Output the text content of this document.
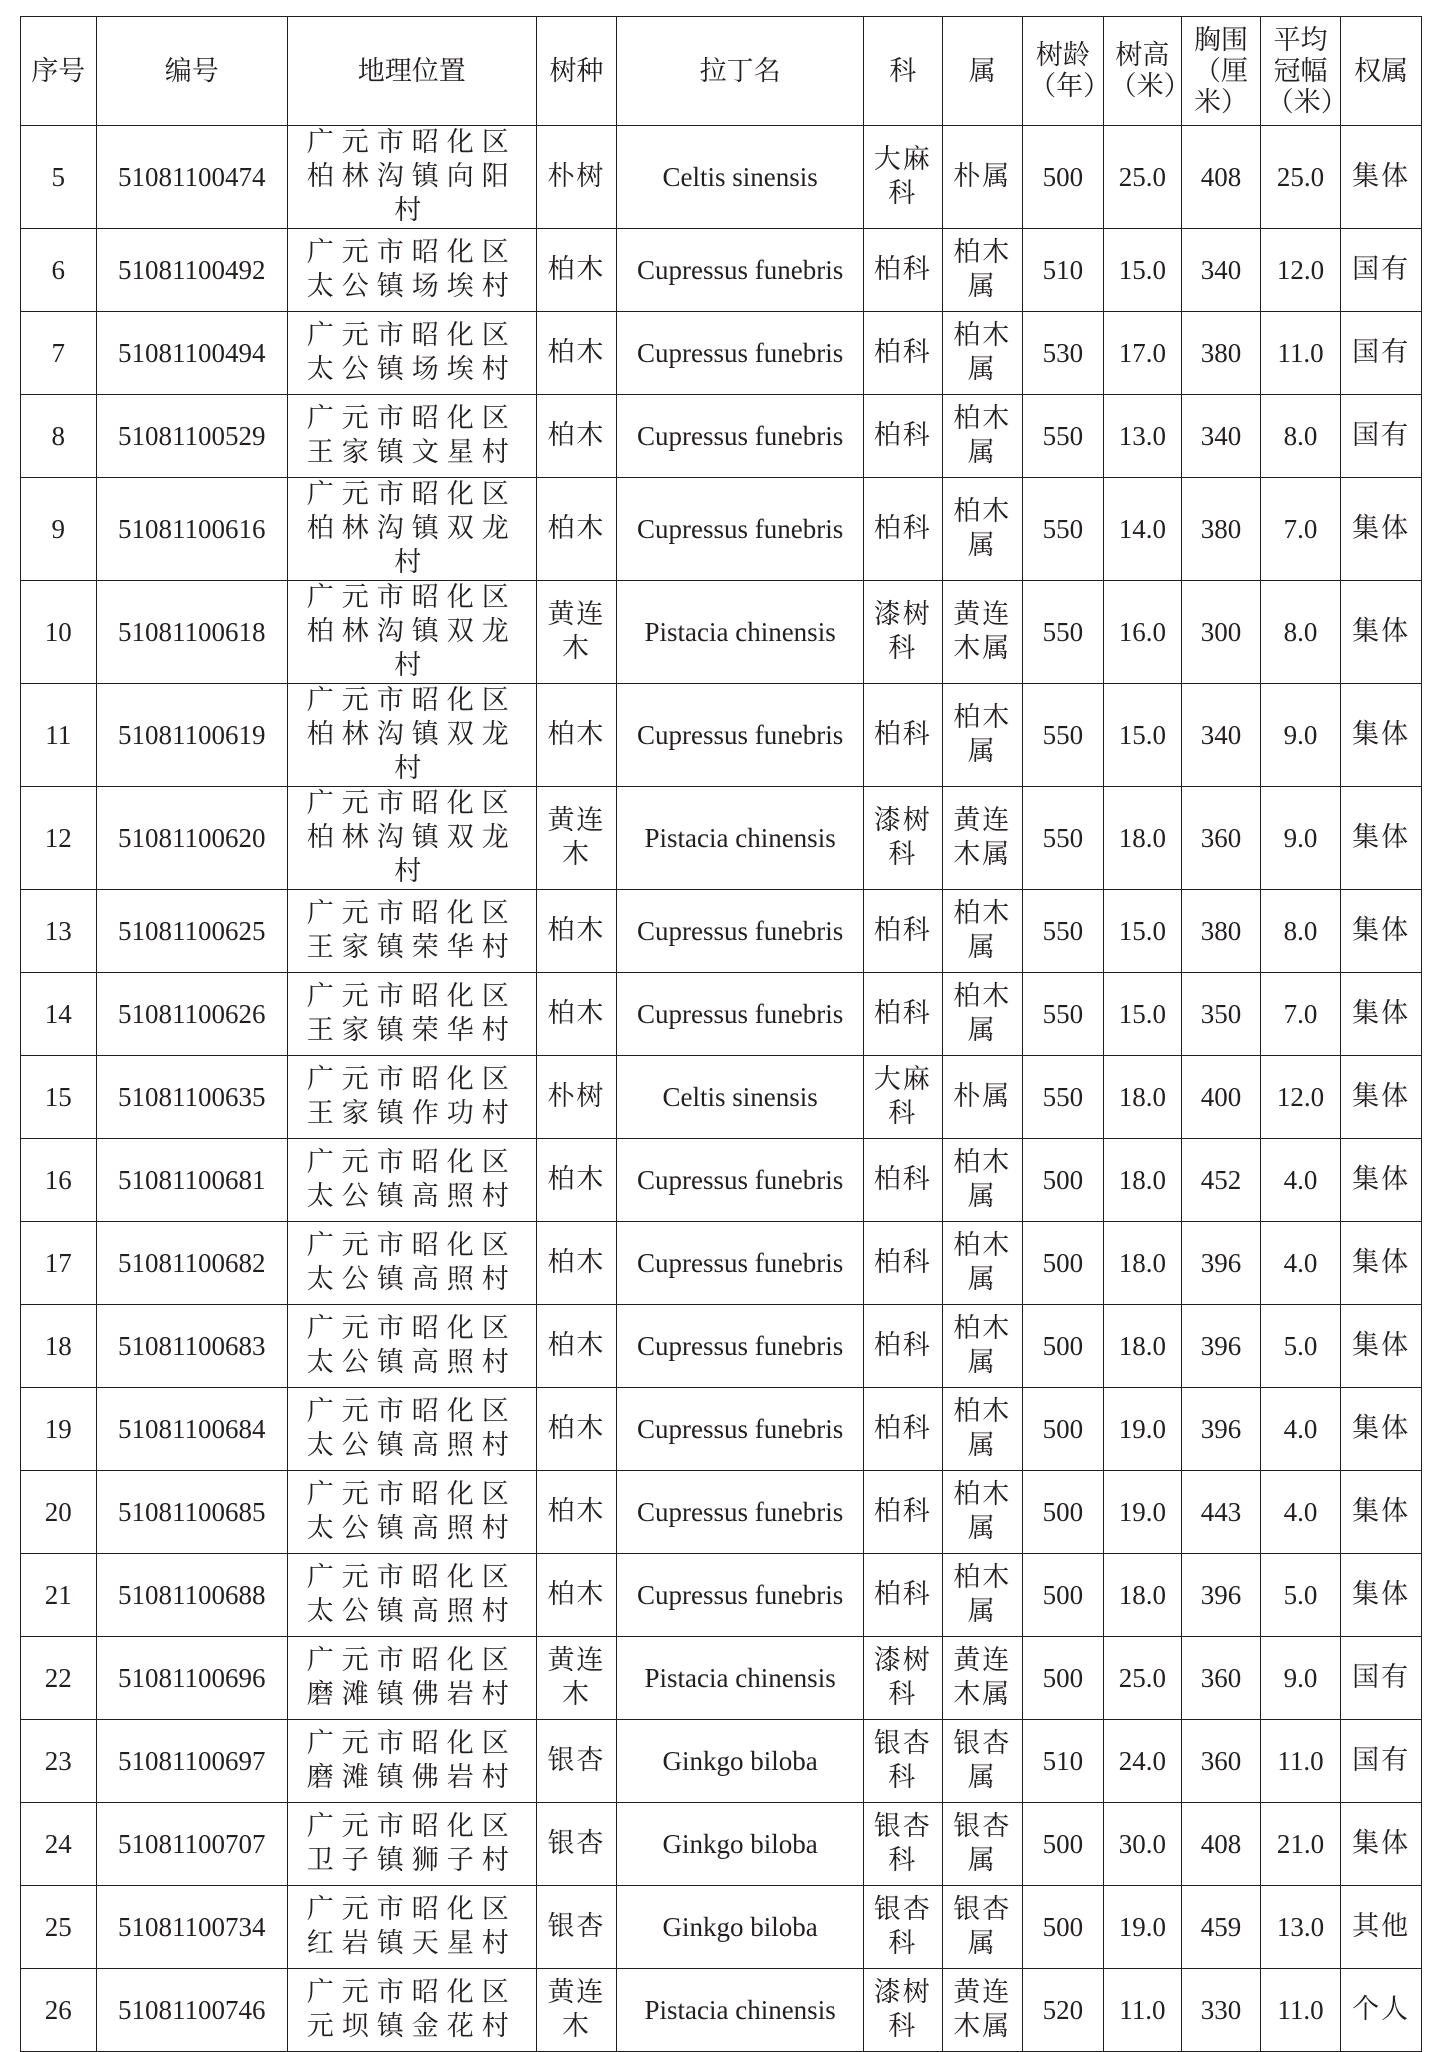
序号	编号	地理位置	树种	拉丁名	科	属	树龄（年）	树高（米）	胸围（厘米）	平均冠幅（米）	权属
5	51081100474	广元市昭化区柏林沟镇向阳村	朴树	Celtis sinensis	大麻科	朴属	500	25.0	408	25.0	集体
6	51081100492	广元市昭化区太公镇场埃村	柏木	Cupressus funebris	柏科	柏木属	510	15.0	340	12.0	国有
7	51081100494	广元市昭化区太公镇场埃村	柏木	Cupressus funebris	柏科	柏木属	530	17.0	380	11.0	国有
8	51081100529	广元市昭化区王家镇文星村	柏木	Cupressus funebris	柏科	柏木属	550	13.0	340	8.0	国有
9	51081100616	广元市昭化区柏林沟镇双龙村	柏木	Cupressus funebris	柏科	柏木属	550	14.0	380	7.0	集体
10	51081100618	广元市昭化区柏林沟镇双龙村	黄连木	Pistacia chinensis	漆树科	黄连木属	550	16.0	300	8.0	集体
11	51081100619	广元市昭化区柏林沟镇双龙村	柏木	Cupressus funebris	柏科	柏木属	550	15.0	340	9.0	集体
12	51081100620	广元市昭化区柏林沟镇双龙村	黄连木	Pistacia chinensis	漆树科	黄连木属	550	18.0	360	9.0	集体
13	51081100625	广元市昭化区王家镇荣华村	柏木	Cupressus funebris	柏科	柏木属	550	15.0	380	8.0	集体
14	51081100626	广元市昭化区王家镇荣华村	柏木	Cupressus funebris	柏科	柏木属	550	15.0	350	7.0	集体
15	51081100635	广元市昭化区王家镇作功村	朴树	Celtis sinensis	大麻科	朴属	550	18.0	400	12.0	集体
16	51081100681	广元市昭化区太公镇高照村	柏木	Cupressus funebris	柏科	柏木属	500	18.0	452	4.0	集体
17	51081100682	广元市昭化区太公镇高照村	柏木	Cupressus funebris	柏科	柏木属	500	18.0	396	4.0	集体
18	51081100683	广元市昭化区太公镇高照村	柏木	Cupressus funebris	柏科	柏木属	500	18.0	396	5.0	集体
19	51081100684	广元市昭化区太公镇高照村	柏木	Cupressus funebris	柏科	柏木属	500	19.0	396	4.0	集体
20	51081100685	广元市昭化区太公镇高照村	柏木	Cupressus funebris	柏科	柏木属	500	19.0	443	4.0	集体
21	51081100688	广元市昭化区太公镇高照村	柏木	Cupressus funebris	柏科	柏木属	500	18.0	396	5.0	集体
22	51081100696	广元市昭化区磨滩镇佛岩村	黄连木	Pistacia chinensis	漆树科	黄连木属	500	25.0	360	9.0	国有
23	51081100697	广元市昭化区磨滩镇佛岩村	银杏	Ginkgo biloba	银杏科	银杏属	510	24.0	360	11.0	国有
24	51081100707	广元市昭化区卫子镇狮子村	银杏	Ginkgo biloba	银杏科	银杏属	500	30.0	408	21.0	集体
25	51081100734	广元市昭化区红岩镇天星村	银杏	Ginkgo biloba	银杏科	银杏属	500	19.0	459	13.0	其他
26	51081100746	广元市昭化区元坝镇金花村	黄连木	Pistacia chinensis	漆树科	黄连木属	520	11.0	330	11.0	个人
